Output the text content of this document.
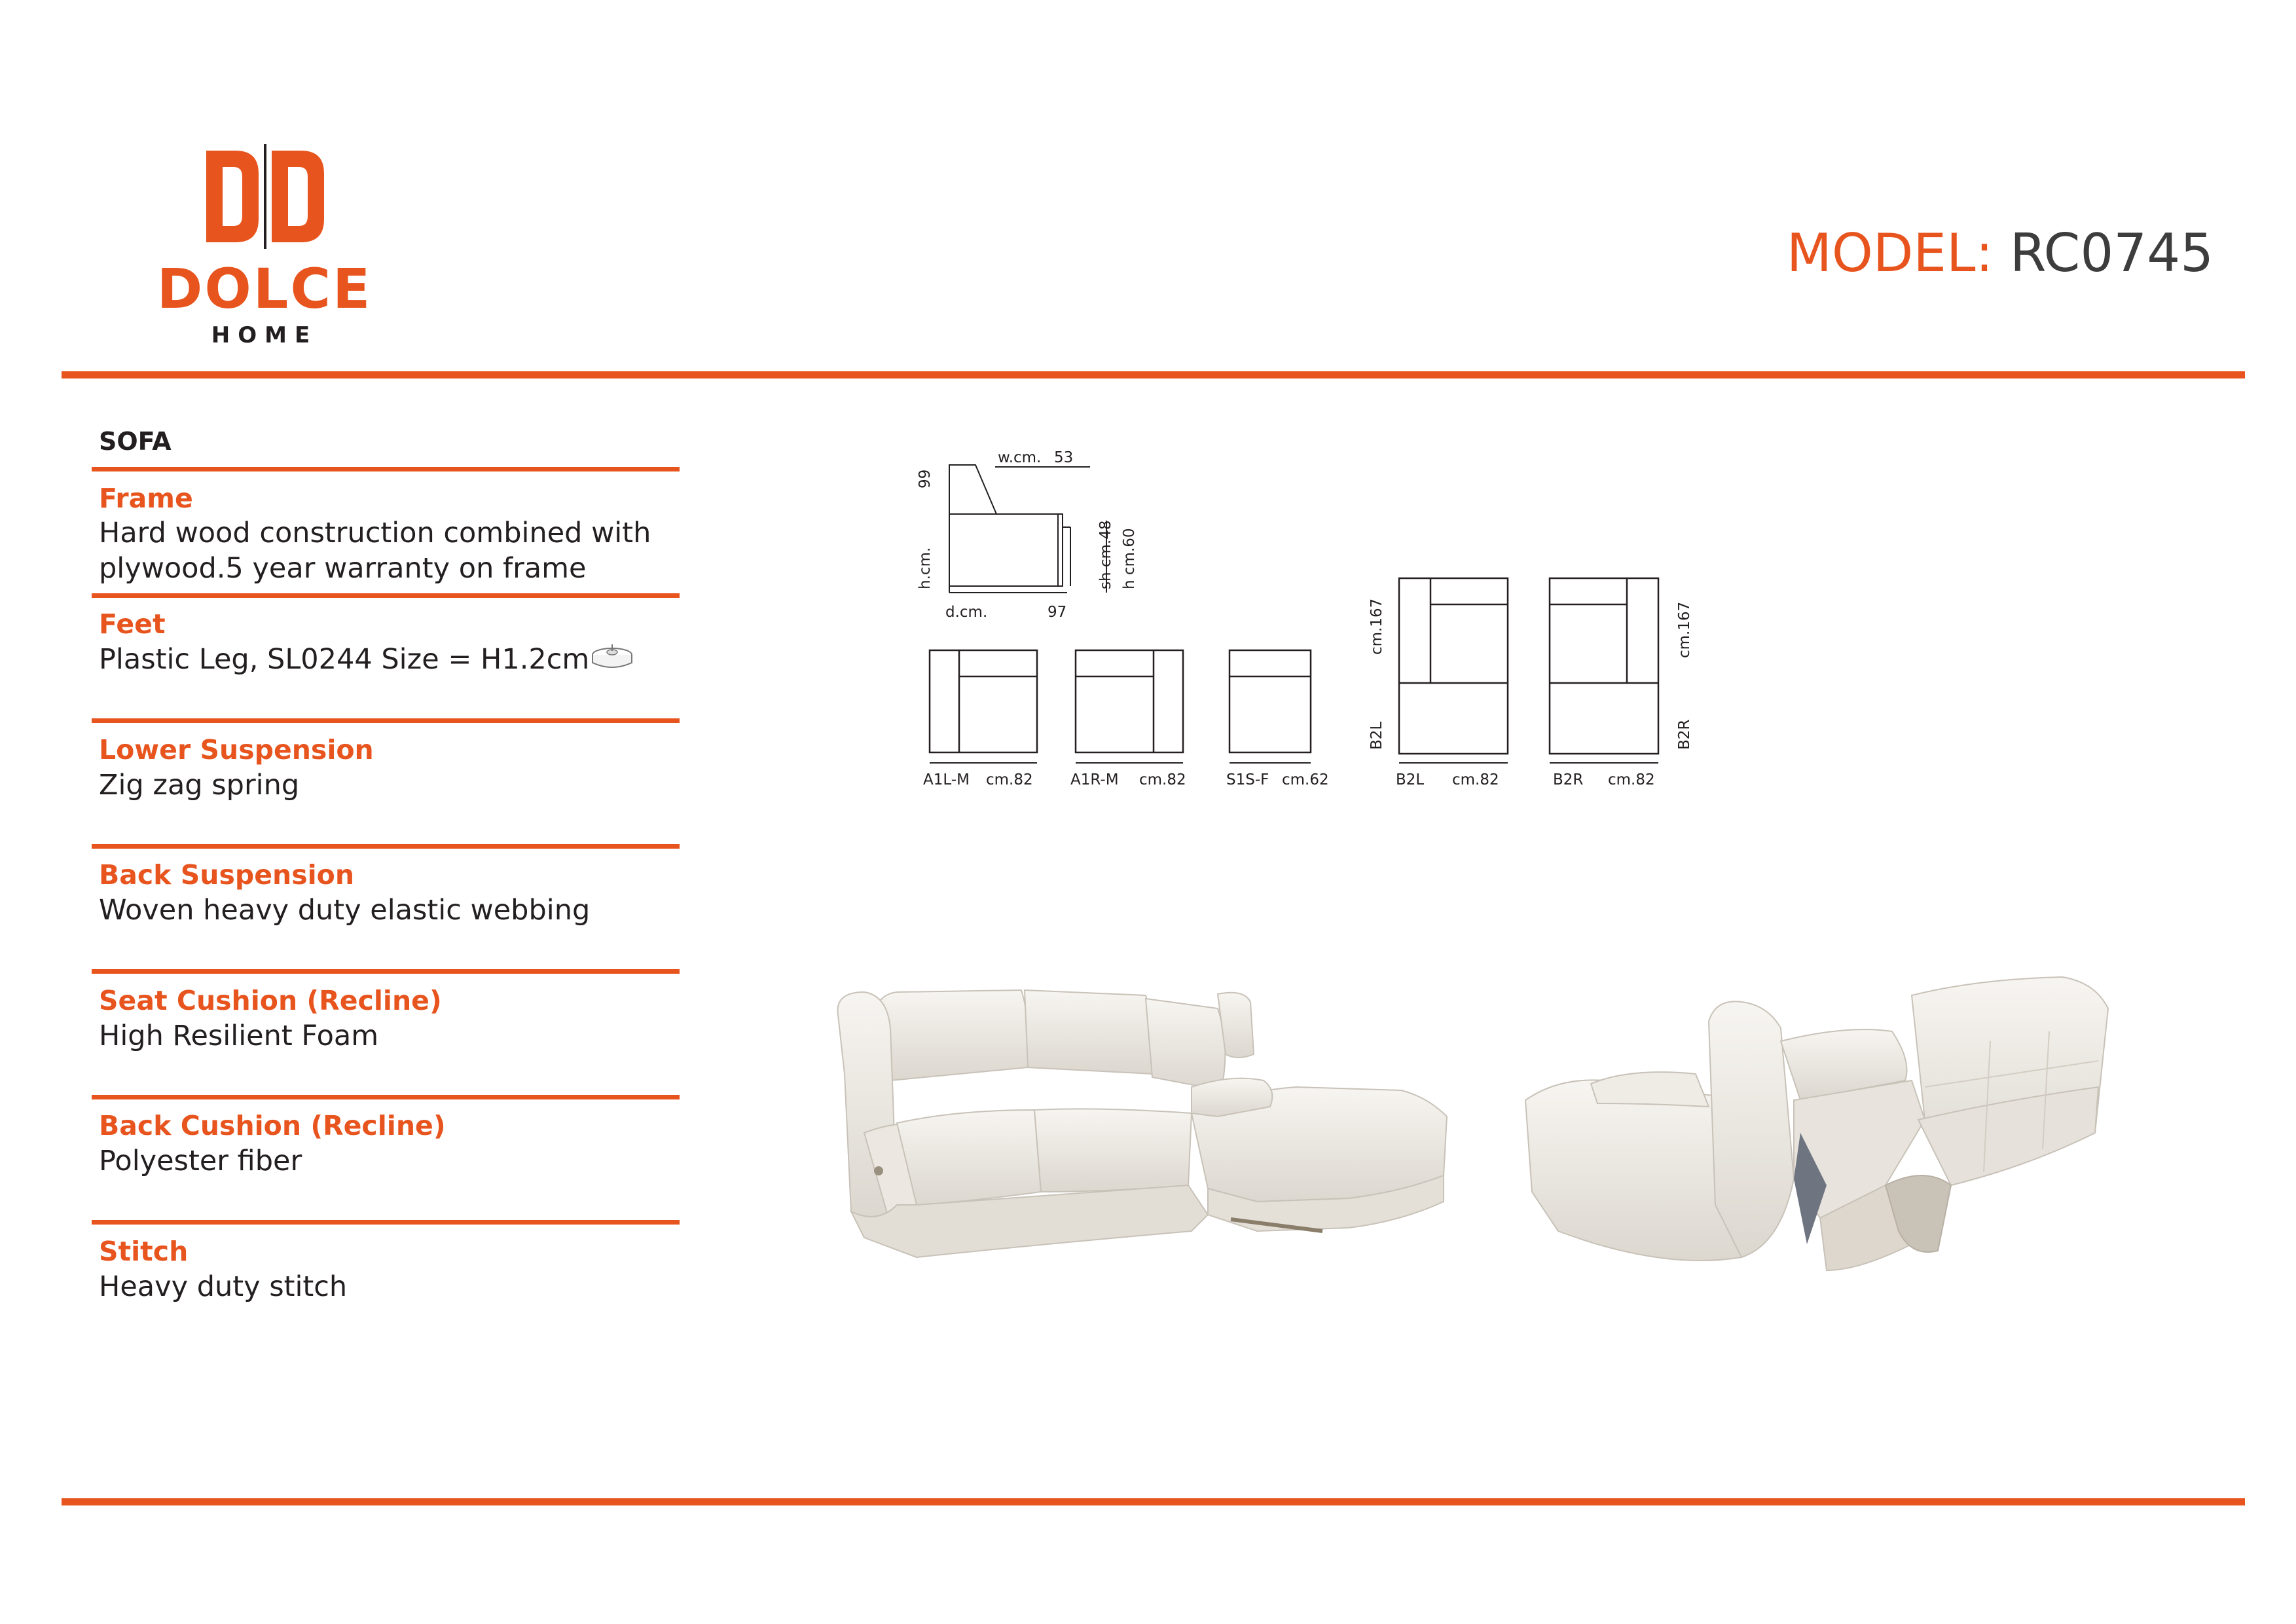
DOLCE
HOME
MODEL: RC0745
SOFA
Frame
Hard wood construction combined with
plywood.5 year warranty on frame
Feet
Plastic Leg, SL0244 Size = H1.2cm
Lower Suspension
Zig zag spring
Back Suspension
Woven heavy duty elastic webbing
Seat Cushion (Recline)
High Resilient Foam
Back Cushion (Recline)
Polyester fiber
Stitch
Heavy duty stitch
w.cm. 53
99
h.cm.
d.cm.	97
sh cm.48 h cm.60
A1L-M cm.82 A1R-M cm.82	S1S-F cm.62
cm.167
B2L
B2L cm.82
cm.167
B2R
B2R cm.82
